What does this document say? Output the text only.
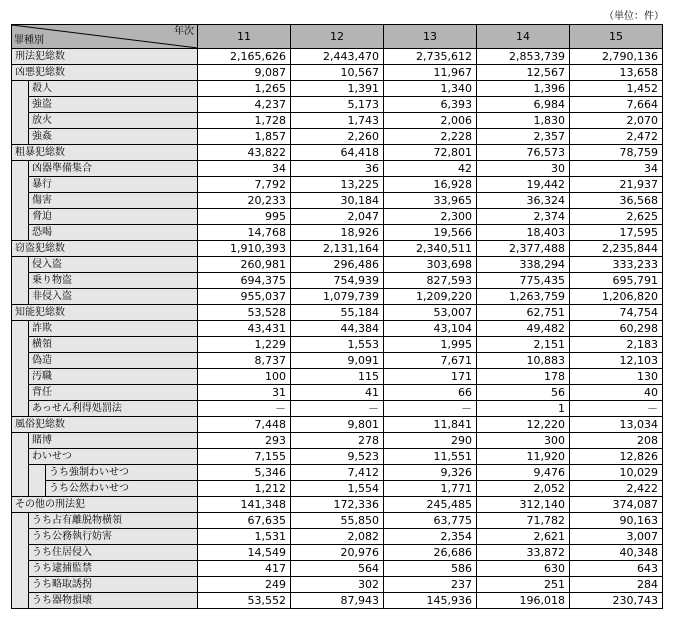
（単位：件）
罪種別
年次			11	12	13	14	15
刑法犯総数			2,165,626	2,443,470	2,735,612	2,853,739	2,790,136
凶悪犯総数			9,087	10,567	11,967	12,567	13,658
	殺人		1,265	1,391	1,340	1,396	1,452
	強盗		4,237	5,173	6,393	6,984	7,664
	放火		1,728	1,743	2,006	1,830	2,070
	強姦		1,857	2,260	2,228	2,357	2,472
粗暴犯総数			43,822	64,418	72,801	76,573	78,759
	凶器準備集合		34	36	42	30	34
	暴行		7,792	13,225	16,928	19,442	21,937
	傷害		20,233	30,184	33,965	36,324	36,568
	脅迫		995	2,047	2,300	2,374	2,625
	恐喝		14,768	18,926	19,566	18,403	17,595
窃盗犯総数			1,910,393	2,131,164	2,340,511	2,377,488	2,235,844
	侵入盗		260,981	296,486	303,698	338,294	333,233
	乗り物盗		694,375	754,939	827,593	775,435	695,791
	非侵入盗		955,037	1,079,739	1,209,220	1,263,759	1,206,820
知能犯総数			53,528	55,184	53,007	62,751	74,754
	詐欺		43,431	44,384	43,104	49,482	60,298
	横領		1,229	1,553	1,995	2,151	2,183
	偽造		8,737	9,091	7,671	10,883	12,103
	汚職		100	115	171	178	130
	背任		31	41	66	56	40
	あっせん利得処罰法		－	－	－	1	－
風俗犯総数			7,448	9,801	11,841	12,220	13,034
	賭博		293	278	290	300	208
	わいせつ		7,155	9,523	11,551	11,920	12,826
		うち強制わいせつ	5,346	7,412	9,326	9,476	10,029
		うち公然わいせつ	1,212	1,554	1,771	2,052	2,422
その他の刑法犯			141,348	172,336	245,485	312,140	374,087
	うち占有離脱物横領		67,635	55,850	63,775	71,782	90,163
	うち公務執行妨害		1,531	2,082	2,354	2,621	3,007
	うち住居侵入		14,549	20,976	26,686	33,872	40,348
	うち逮捕監禁		417	564	586	630	643
	うち略取誘拐		249	302	237	251	284
	うち器物損壊		53,552	87,943	145,936	196,018	230,743
